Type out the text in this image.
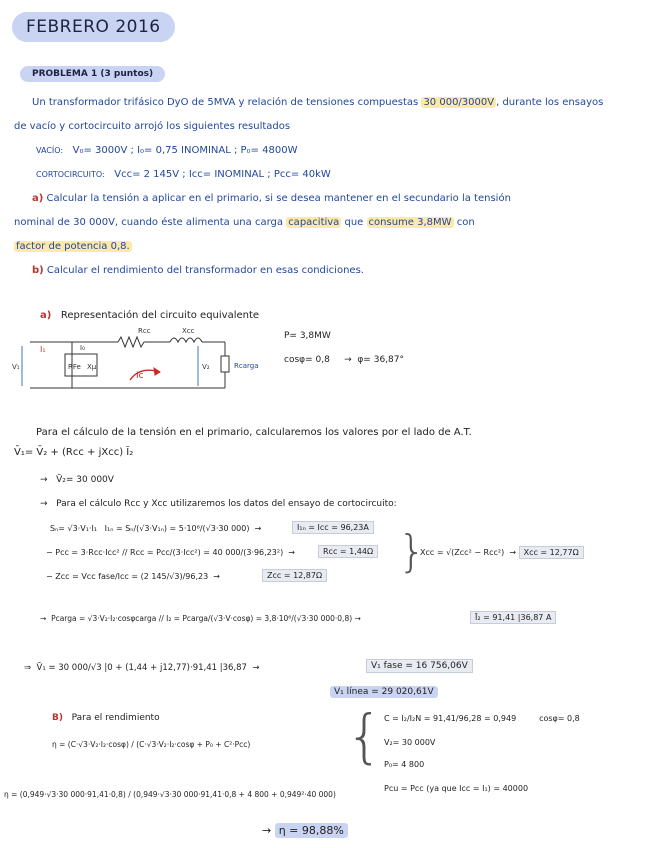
FEBRERO 2016
PROBLEMA 1 (3 puntos)
Un transformador trifásico DyO de 5MVA y relación de tensiones compuestas 30 000/3000V , durante los ensayos
de vacío y cortocircuito arrojó los siguientes resultados
VACÍO: V₀= 3000V ; I₀= 0,75 INOMINAL ; P₀= 4800W
CORTOCIRCUITO: Vcc= 2 145V ; Icc= INOMINAL ; Pcc= 40kW
a) Calcular la tensión a aplicar en el primario, si se desea mantener en el secundario la tensión
nominal de 30 000V, cuando éste alimenta una carga capacitiva que consume 3,8MW con
factor de potencia 0,8.
b) Calcular el rendimiento del transformador en esas condiciones.
a) Representación del circuito equivalente
Rcc	Xcc
I₁	I₀
RFe Xμ
V₁	V₂
Ic
Rcarga
P= 3,8MW
cosφ= 0,8     →  φ= 36,87°
Para el cálculo de la tensión en el primario, calcularemos los valores por el lado de A.T.
V̄₁= V̄₂ + (Rcc + jXcc) Ī₂
→   V̄₂= 30 000V
→   Para el cálculo Rcc y Xcc utilizaremos los datos del ensayo de cortocircuito:
Sₙ= √3·V₁·I₁ I₁ₙ = Sₙ/(√3·V₁ₙ) = 5·10⁶/(√3·30 000)  →	I₁ₙ = Icc = 96,23A
− Pcc = 3·Rcc·Icc² // Rcc = Pcc/(3·Icc²) = 40 000/(3·96,23²)  →	Rcc = 1,44Ω
− Zcc = Vcc fase/Icc = (2 145/√3)/96,23  →	Zcc = 12,87Ω }
Xcc = √(Zcc² − Rcc²)  → Xcc = 12,77Ω
→  Pcarga = √3·V₂·I₂·cosφcarga // I₂ = Pcarga/(√3·V·cosφ) = 3,8·10⁶/(√3·30 000·0,8) →	Ī₂ = 91,41 |36,87 A
⇒  V̄₁ = 30 000/√3 |0 + (1,44 + j12,77)·91,41 |36,87  →	V₁ fase = 16 756,06V
V₁ línea = 29 020,61V
B) Para el rendimiento
η = (C·√3·V₂·I₂·cosφ) / (C·√3·V₂·I₂·cosφ + P₀ + C²·Pcc)
η = (0,949·√3·30 000·91,41·0,8) / (0,949·√3·30 000·91,41·0,8 + 4 800 + 0,949²·40 000)
{ C = I₂/I₂N = 91,41/96,28 = 0,949	cosφ= 0,8
V₂= 30 000V
P₀= 4 800
Pcu = Pcc (ya que Icc = I₁) = 40000
→ η = 98,88%
